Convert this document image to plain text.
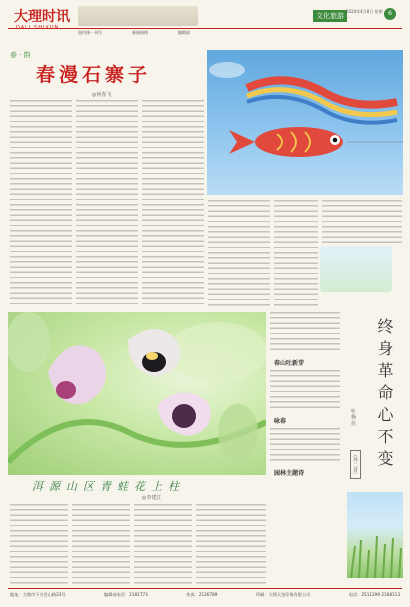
大理时讯
DALI SHIXUN
文化旅游
2024年4月8日 星期一
6
国内统一刊号	新闻热线	编辑部
春 · 韵
春漫石寨子
◎何春飞
洱源山区青蛙花上柱
◎李建江
春山吐新芽
咏春
园林主题诗
终身革命心不变
◎杨 昆
（外二首）
地址：大理市下关苍山路23号	编辑部电话：2181773	传真：2126789	印刷：大理天龙印务有限公司	电话：2511299 2168113
